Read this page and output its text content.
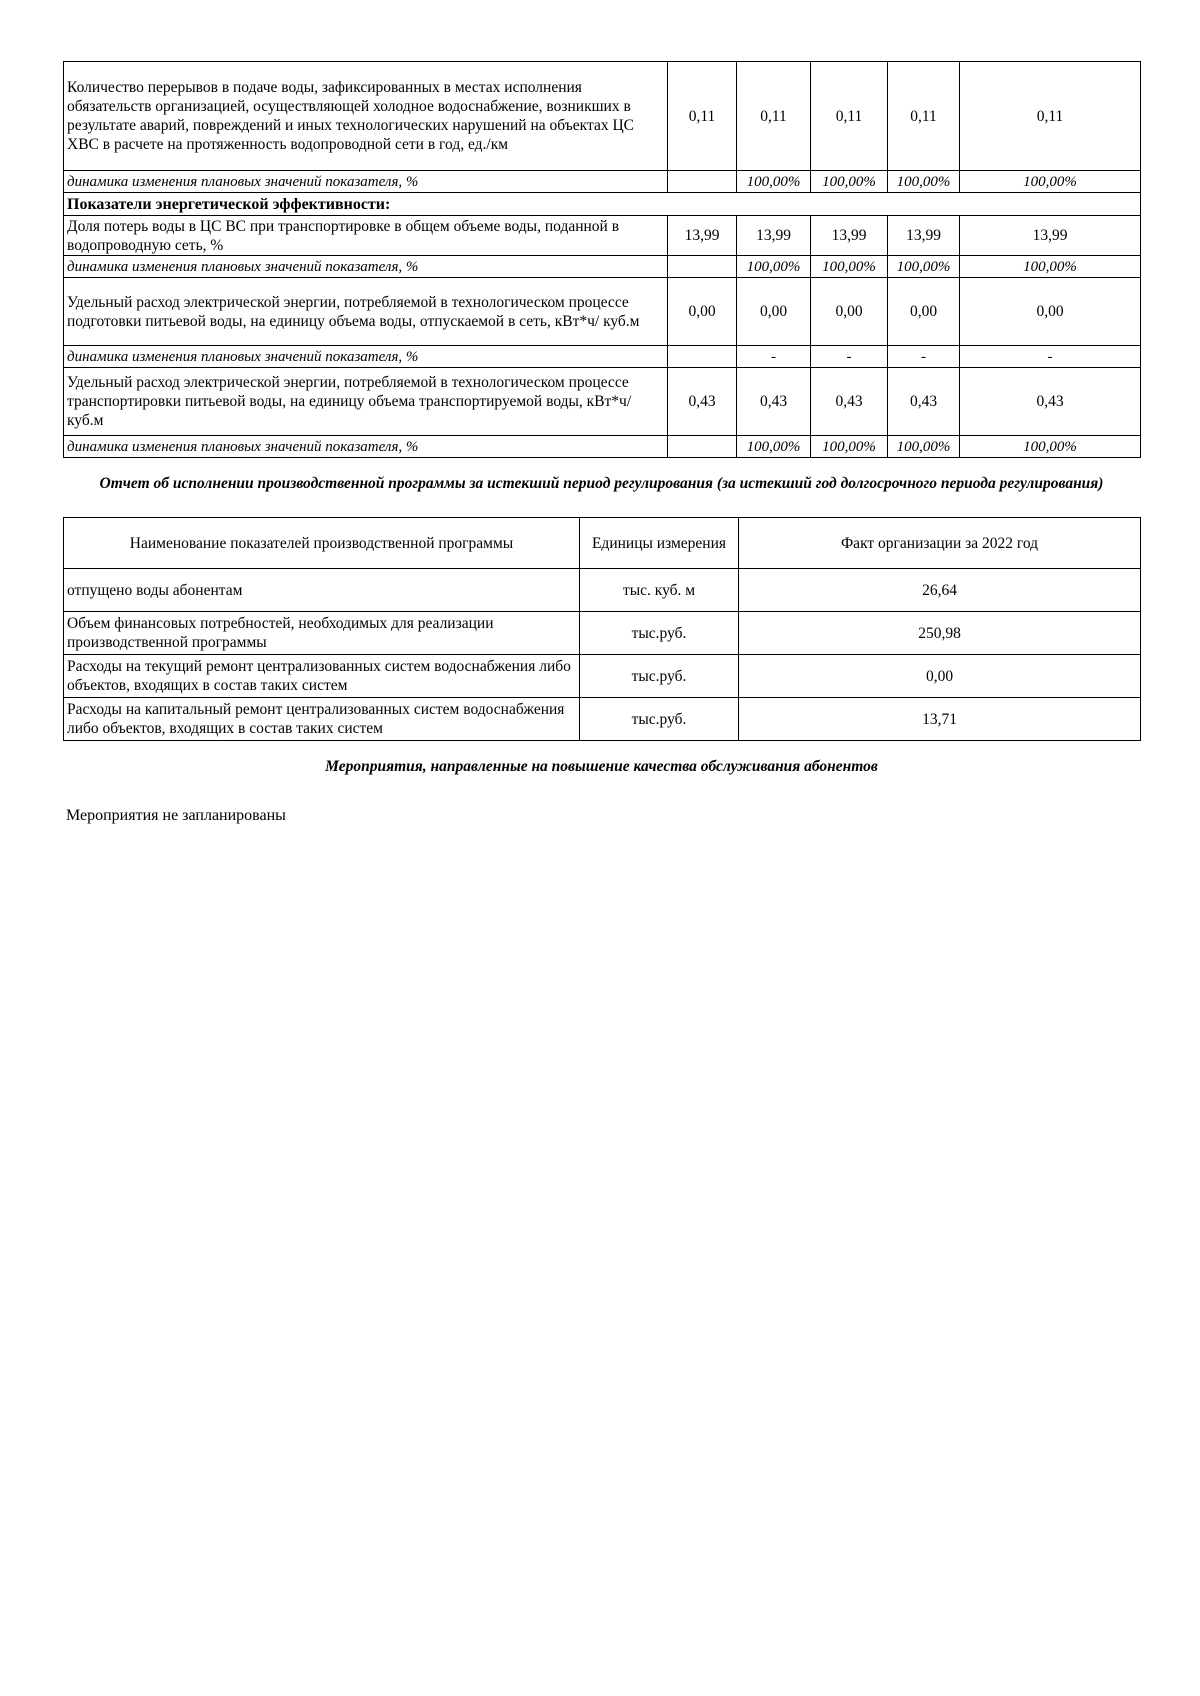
Количество перерывов в подаче воды, зафиксированных в местах исполнения обязательств организацией, осуществляющей холодное водоснабжение, возникших в результате аварий, повреждений и иных технологических нарушений на объектах ЦС ХВС в расчете на протяженность водопроводной сети в год, ед./км	0,11	0,11	0,11	0,11	0,11
динамика изменения плановых значений показателя, %		100,00%	100,00%	100,00%	100,00%
Показатели энергетической эффективности:					
Доля потерь воды в ЦС ВС при транспортировке в общем объеме воды, поданной в водопроводную сеть, %	13,99	13,99	13,99	13,99	13,99
динамика изменения плановых значений показателя, %		100,00%	100,00%	100,00%	100,00%
Удельный расход электрической энергии, потребляемой в технологическом процессе подготовки питьевой воды, на единицу объема воды, отпускаемой в сеть, кВт*ч/ куб.м	0,00	0,00	0,00	0,00	0,00
динамика изменения плановых значений показателя, %		-	-	-	-
Удельный расход электрической энергии, потребляемой в технологическом процессе транспортировки питьевой воды, на единицу объема транспортируемой воды, кВт*ч/ куб.м	0,43	0,43	0,43	0,43	0,43
динамика изменения плановых значений показателя, %		100,00%	100,00%	100,00%	100,00%
Отчет об исполнении производственной программы за истекший период регулирования (за истекший год долгосрочного периода регулирования)
Наименование показателей производственной программы	Единицы измерения	Факт организации за 2022 год
отпущено воды абонентам	тыс. куб. м	26,64
Объем финансовых потребностей, необходимых для реализации производственной программы	тыс.руб.	250,98
Расходы на текущий ремонт централизованных систем водоснабжения либо объектов, входящих в состав таких систем	тыс.руб.	0,00
Расходы на капитальный ремонт централизованных систем водоснабжения либо объектов, входящих в состав таких систем	тыс.руб.	13,71
Мероприятия, направленные на повышение качества обслуживания абонентов
Мероприятия не запланированы
